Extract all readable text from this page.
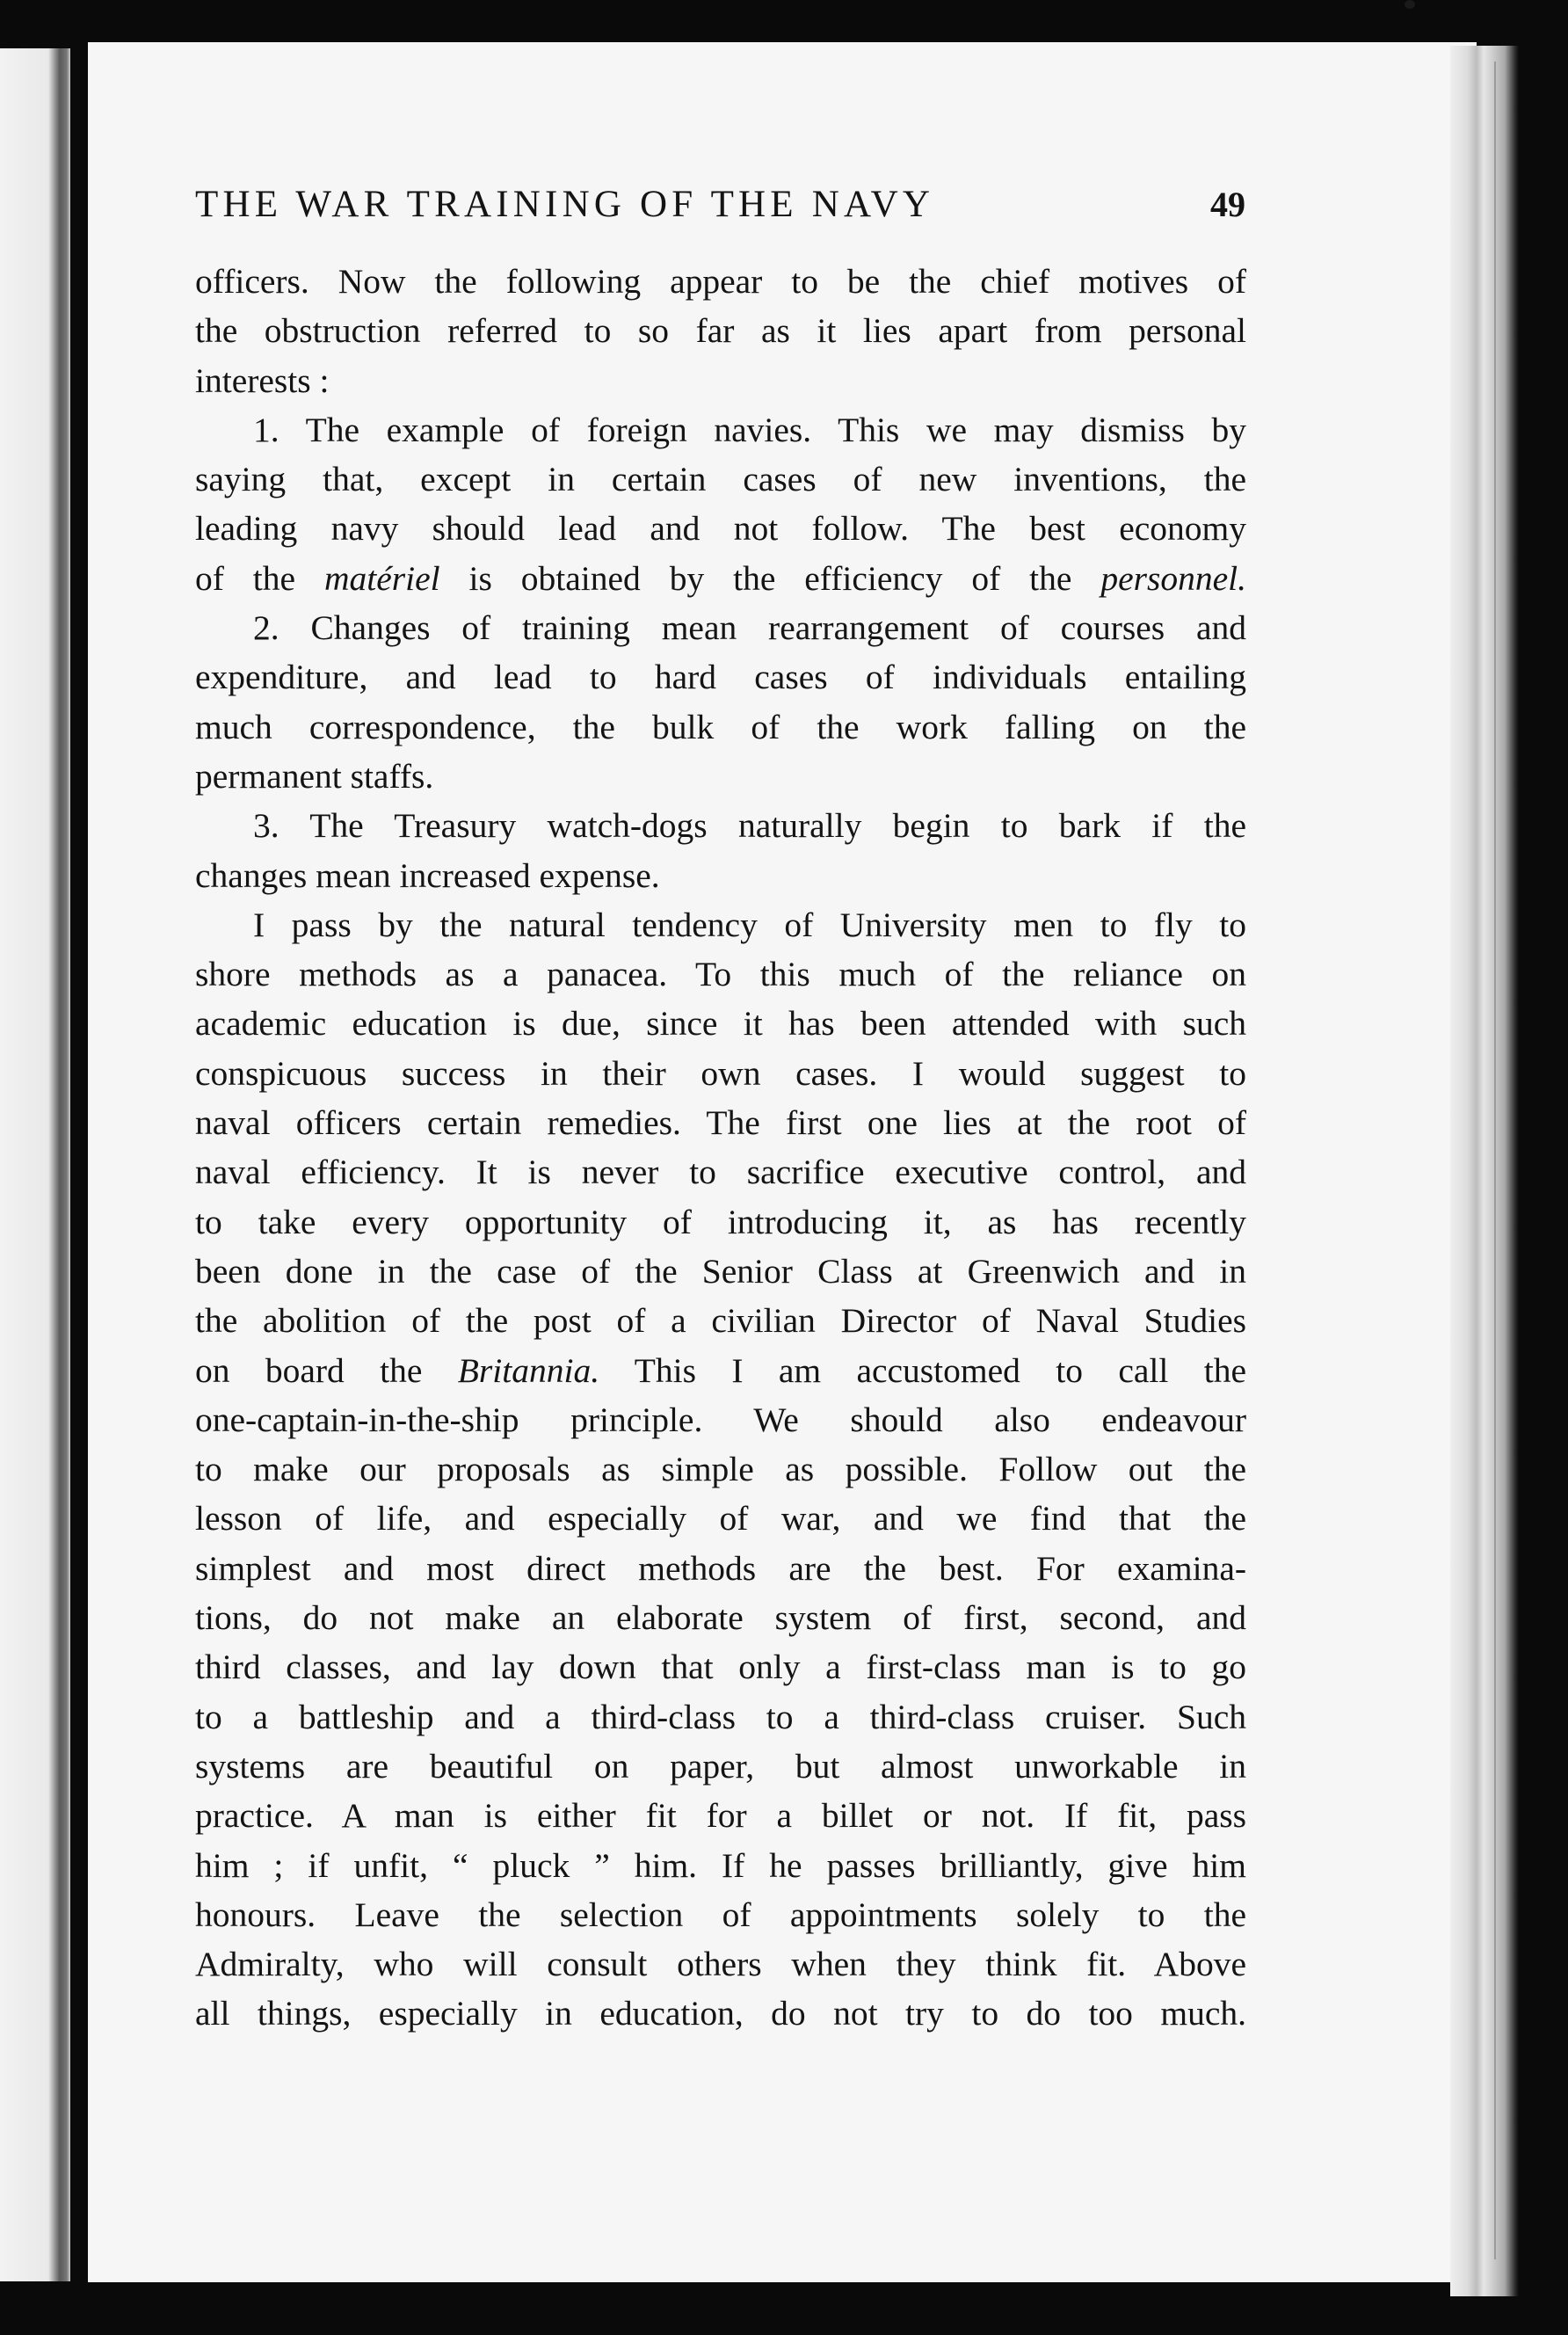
THE WAR TRAINING OF THE NAVY	49
officers. Now the following appear to be the chief motives of
the obstruction referred to so far as it lies apart from personal
interests :
1. The example of foreign navies. This we may dismiss by
saying that, except in certain cases of new inventions, the
leading navy should lead and not follow. The best economy
of the matériel is obtained by the efficiency of the personnel.
2. Changes of training mean rearrangement of courses and
expenditure, and lead to hard cases of individuals entailing
much correspondence, the bulk of the work falling on the
permanent staffs.
3. The Treasury watch-dogs naturally begin to bark if the
changes mean increased expense.
I pass by the natural tendency of University men to fly to
shore methods as a panacea. To this much of the reliance on
academic education is due, since it has been attended with such
conspicuous success in their own cases. I would suggest to
naval officers certain remedies. The first one lies at the root of
naval efficiency. It is never to sacrifice executive control, and
to take every opportunity of introducing it, as has recently
been done in the case of the Senior Class at Greenwich and in
the abolition of the post of a civilian Director of Naval Studies
on board the Britannia. This I am accustomed to call the
one-captain-in-the-ship principle. We should also endeavour
to make our proposals as simple as possible. Follow out the
lesson of life, and especially of war, and we find that the
simplest and most direct methods are the best. For examina-
tions, do not make an elaborate system of first, second, and
third classes, and lay down that only a first-class man is to go
to a battleship and a third-class to a third-class cruiser. Such
systems are beautiful on paper, but almost unworkable in
practice. A man is either fit for a billet or not. If fit, pass
him ; if unfit, “ pluck ” him. If he passes brilliantly, give him
honours. Leave the selection of appointments solely to the
Admiralty, who will consult others when they think fit. Above
all things, especially in education, do not try to do too much.
